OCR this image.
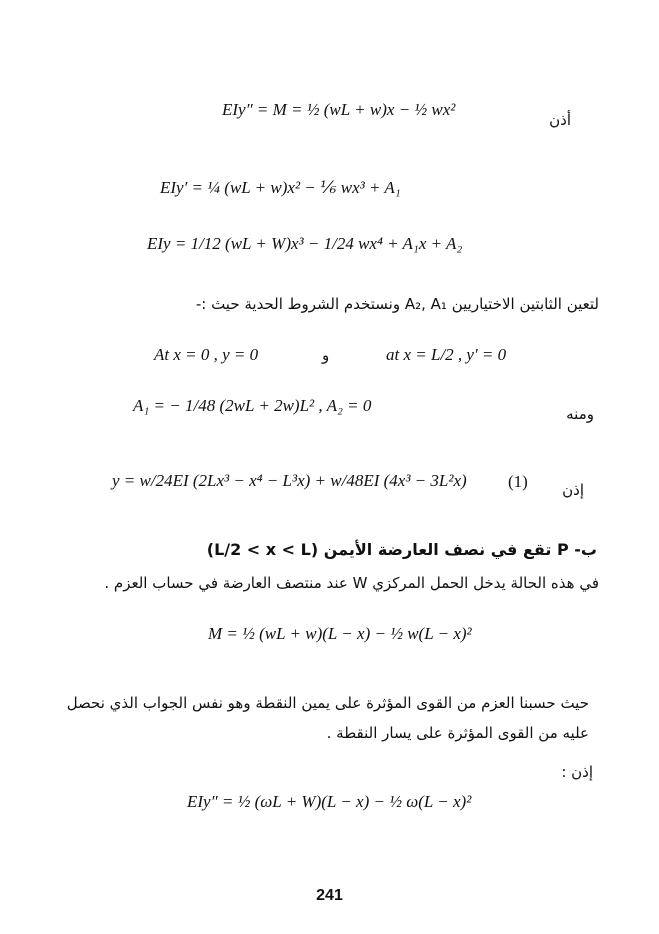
أذن
EIy″ = M = ½ (wL + w)x − ½ wx²
EIy′ = ¼ (wL + w)x² − ⅙ wx³ + A₁
EIy = 1/12 (wL + W)x³ − 1/24 wx⁴ + A₁x + A₂
لتعين الثابتين الاختياريين A₂, A₁ ونستخدم الشروط الحدية حيث :-
At x = 0 , y = 0	و	at x = L/2 , y′ = 0
ومنه
A₁ = − 1/48 (2wL + 2w)L² , A₂ = 0
إذن
y = w/24EI (2Lx³ − x⁴ − L³x) + w/48EI (4x³ − 3L²x) (1)
ب- P تقع في نصف العارضة الأيمن (L/2 < x < L)
في هذه الحالة يدخل الحمل المركزي W عند منتصف العارضة في حساب العزم .
M = ½ (wL + w)(L − x) − ½ w(L − x)²
حيث حسبنا العزم من القوى المؤثرة على يمين النقطة وهو نفس الجواب الذي نحصل عليه من القوى المؤثرة على يسار النقطة .
إذن :
EIy″ = ½ (ωL + W)(L − x) − ½ ω(L − x)²
241
